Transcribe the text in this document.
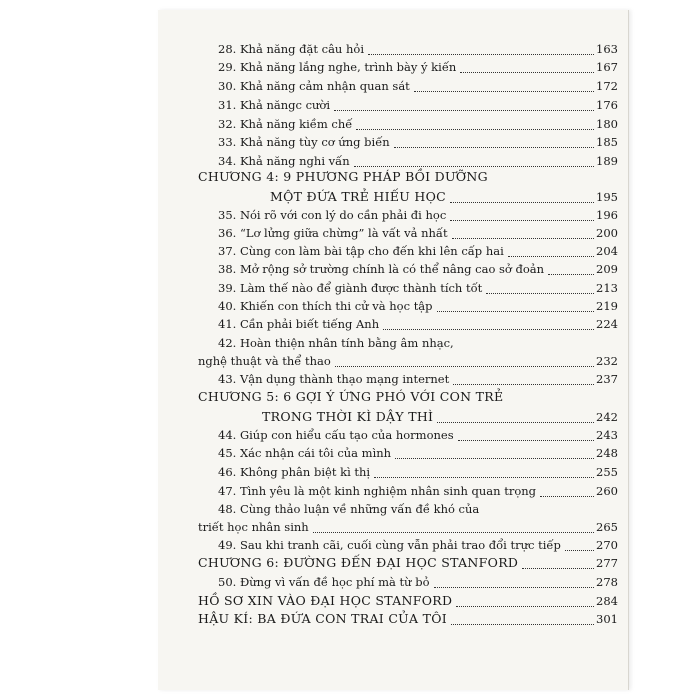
28. Khả năng đặt câu hỏi	163
29. Khả năng lắng nghe, trình bày ý kiến	167
30. Khả năng cảm nhận quan sát	172
31. Khả năngc cười	176
32. Khả năng kiềm chế	180
33. Khả năng tùy cơ ứng biến	185
34. Khả năng nghi vấn	189
CHƯƠNG 4: 9 PHƯƠNG PHÁP BỒI DƯỠNG
MỘT ĐỨA TRẺ HIẾU HỌC	195
35. Nói rõ với con lý do cần phải đi học	196
36. “Lơ lửng giữa chừng” là vất vả nhất	200
37. Cùng con làm bài tập cho đến khi lên cấp hai	204
38. Mở rộng sở trường chính là có thể nâng cao sở đoản	209
39. Làm thế nào để giành được thành tích tốt	213
40. Khiến con thích thi cử và học tập	219
41. Cần phải biết tiếng Anh	224
42. Hoàn thiện nhân tính bằng âm nhạc,
nghệ thuật và thể thao	232
43. Vận dụng thành thạo mạng internet	237
CHƯƠNG 5: 6 GỢI Ý ỨNG PHÓ VỚI CON TRẺ
TRONG THỜI KÌ DẬY THÌ	242
44. Giúp con hiểu cấu tạo của hormones	243
45. Xác nhận cái tôi của mình	248
46. Không phân biệt kì thị	255
47. Tình yêu là một kinh nghiệm nhân sinh quan trọng	260
48. Cùng thảo luận về những vấn đề khó của
triết học nhân sinh	265
49. Sau khi tranh cãi, cuối cùng vẫn phải trao đổi trực tiếp	270
CHƯƠNG 6: ĐƯỜNG ĐẾN ĐẠI HỌC STANFORD	277
50. Đừng vì vấn đề học phí mà từ bỏ	278
HỒ SƠ XIN VÀO ĐẠI HỌC STANFORD	284
HẬU KÍ: BA ĐỨA CON TRAI CỦA TÔI	301
